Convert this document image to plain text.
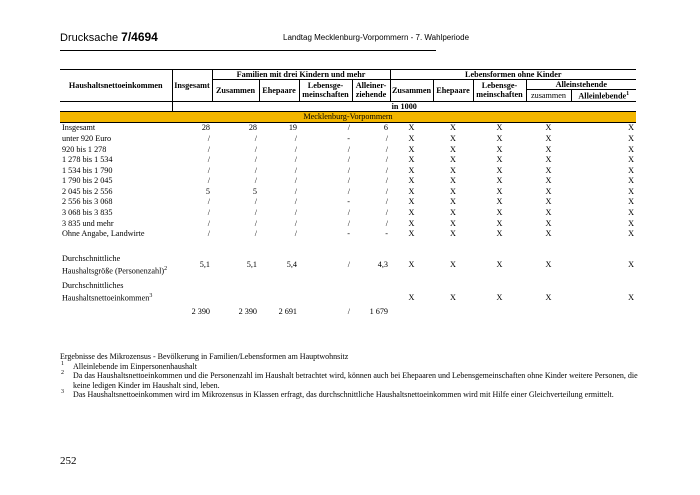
Drucksache 7/4694	Landtag Mecklenburg-Vorpommern - 7. Wahlperiode
Haushaltsnettoeinkommen	Insgesamt	Familien mit drei Kindern und mehr				Lebensformen ohne Kinder				
		Zusammen	Ehepaare	Lebensge-meinschaften	Alleiner-ziehende	Zusammen	Ehepaare	Lebensge-meinschaften	Alleinstehende	
									zusammen	Alleinlebende$^1$
	in 1000									
Mecklenburg-Vorpommern										
Insgesamt	28	28	19	/	6	X	X	X	X	X
unter 920 Euro	/	/	/	-	/	X	X	X	X	X
920 bis 1 278	/	/	/	/	/	X	X	X	X	X
1 278 bis 1 534	/	/	/	/	/	X	X	X	X	X
1 534 bis 1 790	/	/	/	/	/	X	X	X	X	X
1 790 bis 2 045	/	/	/	/	/	X	X	X	X	X
2 045 bis 2 556	5	5	/	/	/	X	X	X	X	X
2 556 bis 3 068	/	/	/	-	/	X	X	X	X	X
3 068 bis 3 835	/	/	/	/	/	X	X	X	X	X
3 835 und mehr	/	/	/	/	/	X	X	X	X	X
Ohne Angabe, Landwirte	/	/	/	-	-	X	X	X	X	X

Durchschnittliche Haushaltsgröße (Personenzahl)$^2$	5,1	5,1	5,4	/	4,3	X	X	X	X	X

Durchschnittliches Haushaltsnettoeinkommen$^3$						X	X	X	X	X

	2 390	2 390	2 691	/	1 679					
Ergebnisse des Mikrozensus - Bevölkerung in Familien/Lebensformen am Hauptwohnsitz
1 Alleinlebende im Einpersonenhaushalt
2 Da das Haushaltsnettoeinkommen und die Personenzahl im Haushalt betrachtet wird, können auch bei Ehepaaren und Lebensgemeinschaften ohne Kinder weitere Personen, die keine ledigen Kinder im Haushalt sind, leben.
3 Das Haushaltsnettoeinkommen wird im Mikrozensus in Klassen erfragt, das durchschnittliche Haushaltsnettoeinkommen wird mit Hilfe einer Gleichverteilung ermittelt.
252
